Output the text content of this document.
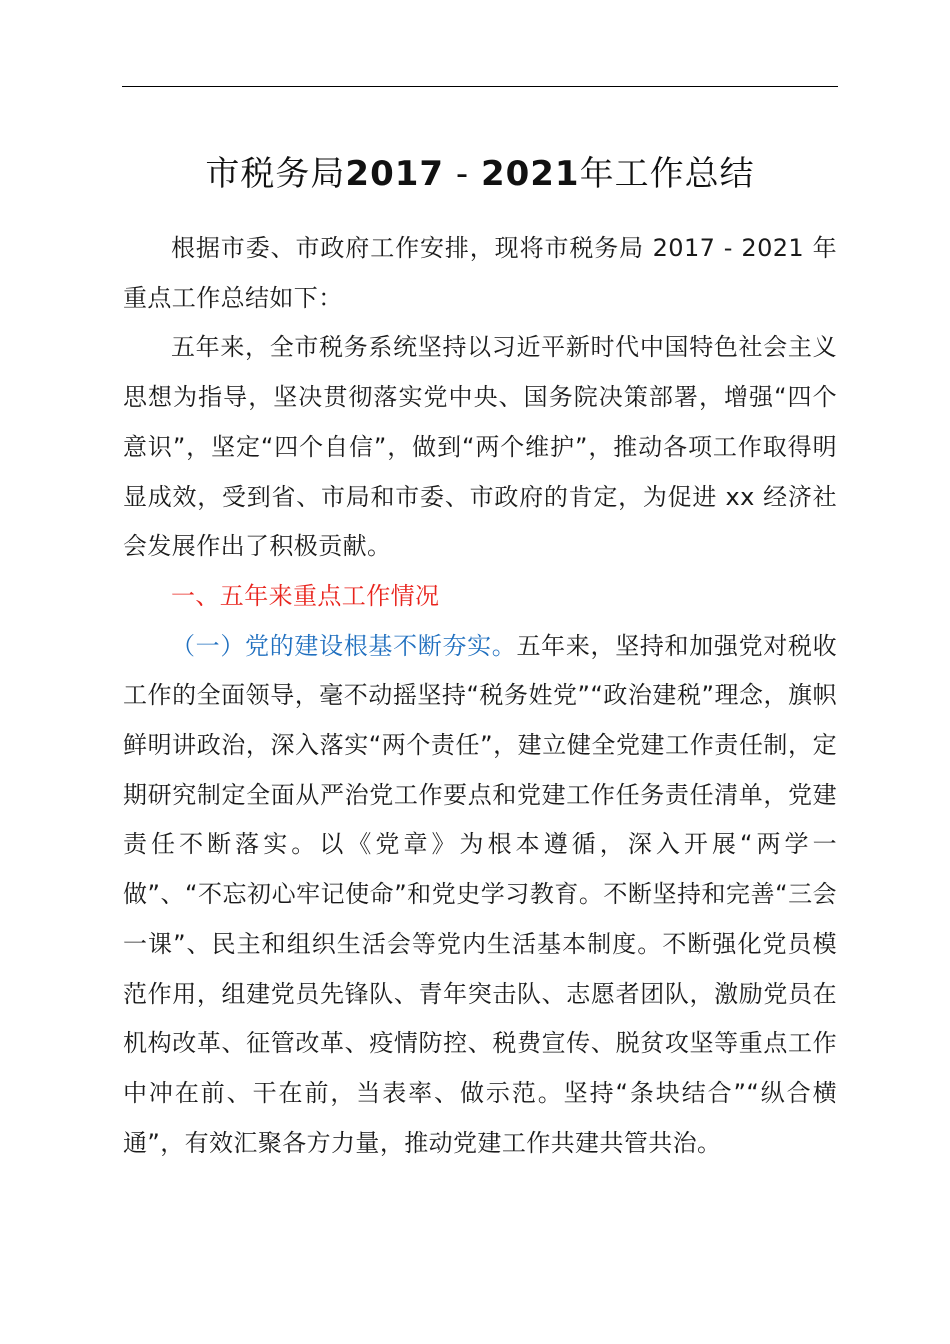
市税务局2017 - 2021年工作总结

根据市委、市政府工作安排，现将市税务局 2017 - 2021 年重点工作总结如下：

五年来，全市税务系统坚持以习近平新时代中国特色社会主义思想为指导，坚决贯彻落实党中央、国务院决策部署，增强“四个意识”，坚定“四个自信”，做到“两个维护”，推动各项工作取得明显成效，受到省、市局和市委、市政府的肯定，为促进 xx 经济社会发展作出了积极贡献。

一、五年来重点工作情况

（一）党的建设根基不断夯实。五年来，坚持和加强党对税收工作的全面领导，毫不动摇坚持“税务姓党”“政治建税”理念，旗帜鲜明讲政治，深入落实“两个责任”，建立健全党建工作责任制，定期研究制定全面从严治党工作要点和党建工作任务责任清单，党建责任不断落实。以《党章》为根本遵循，深入开展“两学一做”、“不忘初心牢记使命”和党史学习教育。不断坚持和完善“三会一课”、民主和组织生活会等党内生活基本制度。不断强化党员模范作用，组建党员先锋队、青年突击队、志愿者团队，激励党员在机构改革、征管改革、疫情防控、税费宣传、脱贫攻坚等重点工作中冲在前、干在前，当表率、做示范。坚持“条块结合”“纵合横通”，有效汇聚各方力量，推动党建工作共建共管共治。
